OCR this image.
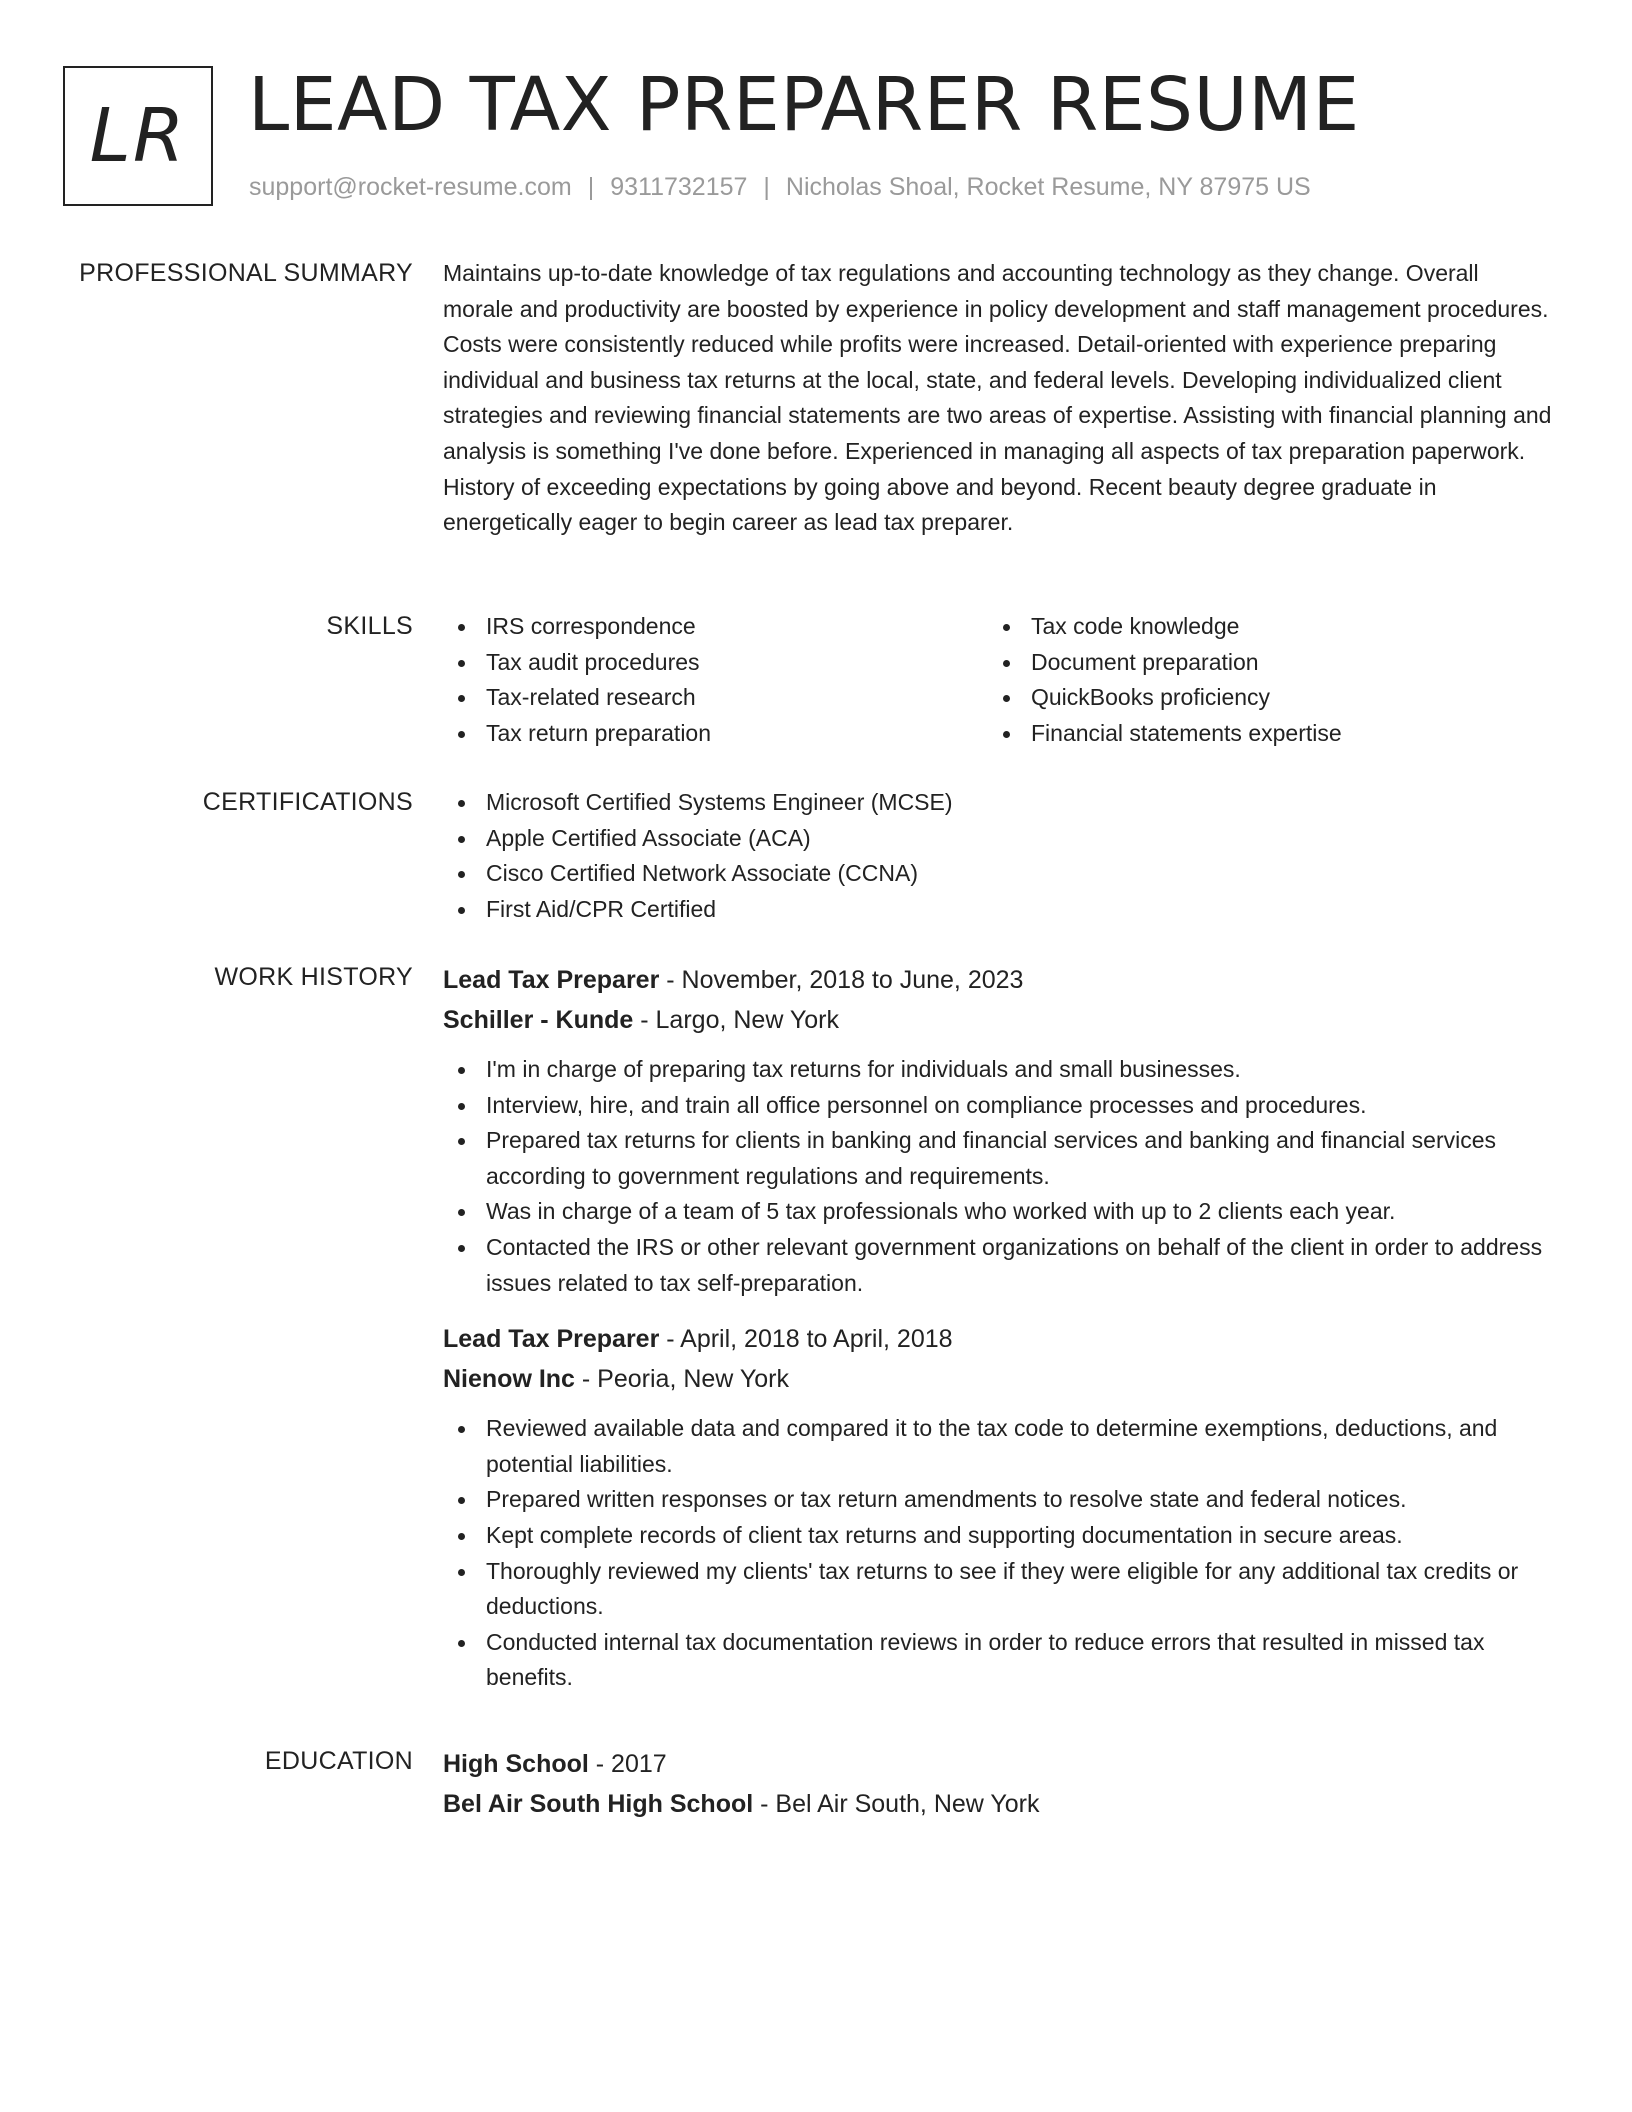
LR LEAD TAX PREPARER RESUME
support@rocket-resume.com | 9311732157 | Nicholas Shoal, Rocket Resume, NY 87975 US
PROFESSIONAL SUMMARY Maintains up-to-date knowledge of tax regulations and accounting technology as they change. Overall morale and productivity are boosted by experience in policy development and staff management procedures. Costs were consistently reduced while profits were increased. Detail-oriented with experience preparing individual and business tax returns at the local, state, and federal levels. Developing individualized client strategies and reviewing financial statements are two areas of expertise. Assisting with financial planning and analysis is something I've done before. Experienced in managing all aspects of tax preparation paperwork. History of exceeding expectations by going above and beyond. Recent beauty degree graduate in energetically eager to begin career as lead tax preparer.

SKILLS	IRS correspondence
Tax audit procedures
Tax-related research
Tax return preparation
Tax code knowledge
Document preparation
QuickBooks proficiency
Financial statements expertise
CERTIFICATIONS	Microsoft Certified Systems Engineer (MCSE)
Apple Certified Associate (ACA)
Cisco Certified Network Associate (CCNA)
First Aid/CPR Certified
WORK HISTORY Lead Tax Preparer - November, 2018 to June, 2023
Schiller - Kunde - Largo, New York
I'm in charge of preparing tax returns for individuals and small businesses.
Interview, hire, and train all office personnel on compliance processes and procedures.
Prepared tax returns for clients in banking and financial services and banking and financial services according to government regulations and requirements.
Was in charge of a team of 5 tax professionals who worked with up to 2 clients each year.
Contacted the IRS or other relevant government organizations on behalf of the client in order to address issues related to tax self-preparation.
Lead Tax Preparer - April, 2018 to April, 2018
Nienow Inc - Peoria, New York
Reviewed available data and compared it to the tax code to determine exemptions, deductions, and potential liabilities.
Prepared written responses or tax return amendments to resolve state and federal notices.
Kept complete records of client tax returns and supporting documentation in secure areas.
Thoroughly reviewed my clients' tax returns to see if they were eligible for any additional tax credits or deductions.
Conducted internal tax documentation reviews in order to reduce errors that resulted in missed tax benefits.
EDUCATION High School - 2017
Bel Air South High School - Bel Air South, New York
